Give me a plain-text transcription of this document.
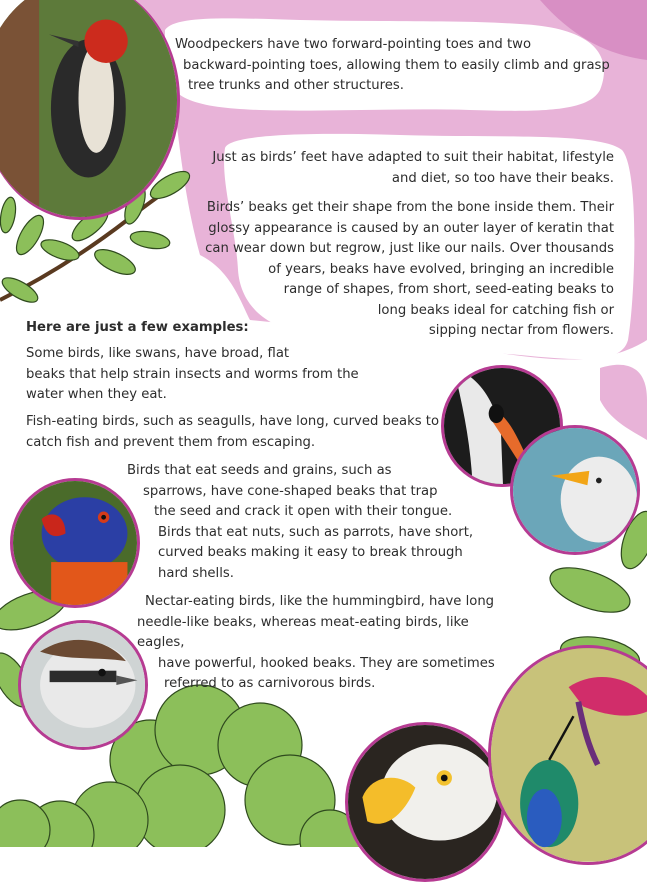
Woodpeckers have two forward-pointing toes and two
backward-pointing toes, allowing them to easily climb and grasp
tree trunks and other structures.
Just as birds’ feet have adapted to suit their habitat, lifestyle
and diet, so too have their beaks.
Birds’ beaks get their shape from the bone inside them. Their
glossy appearance is caused by an outer layer of keratin that
can wear down but regrow, just like our nails. Over thousands
of years, beaks have evolved, bringing an incredible
range of shapes, from short, seed-eating beaks to
long beaks ideal for catching fish or
sipping nectar from flowers.
Here are just a few examples:
Some birds, like swans, have broad, flat
beaks that help strain insects and worms from the
water when they eat.
Fish-eating birds, such as seagulls, have long, curved beaks to
catch fish and prevent them from escaping.
Birds that eat seeds and grains, such as
sparrows, have cone-shaped beaks that trap
the seed and crack it open with their tongue.
Birds that eat nuts, such as parrots, have short,
curved beaks making it easy to break through
hard shells.
Nectar-eating birds, like the hummingbird, have long
needle-like beaks, whereas meat-eating birds, like eagles,
have powerful, hooked beaks. They are sometimes
referred to as carnivorous birds.
